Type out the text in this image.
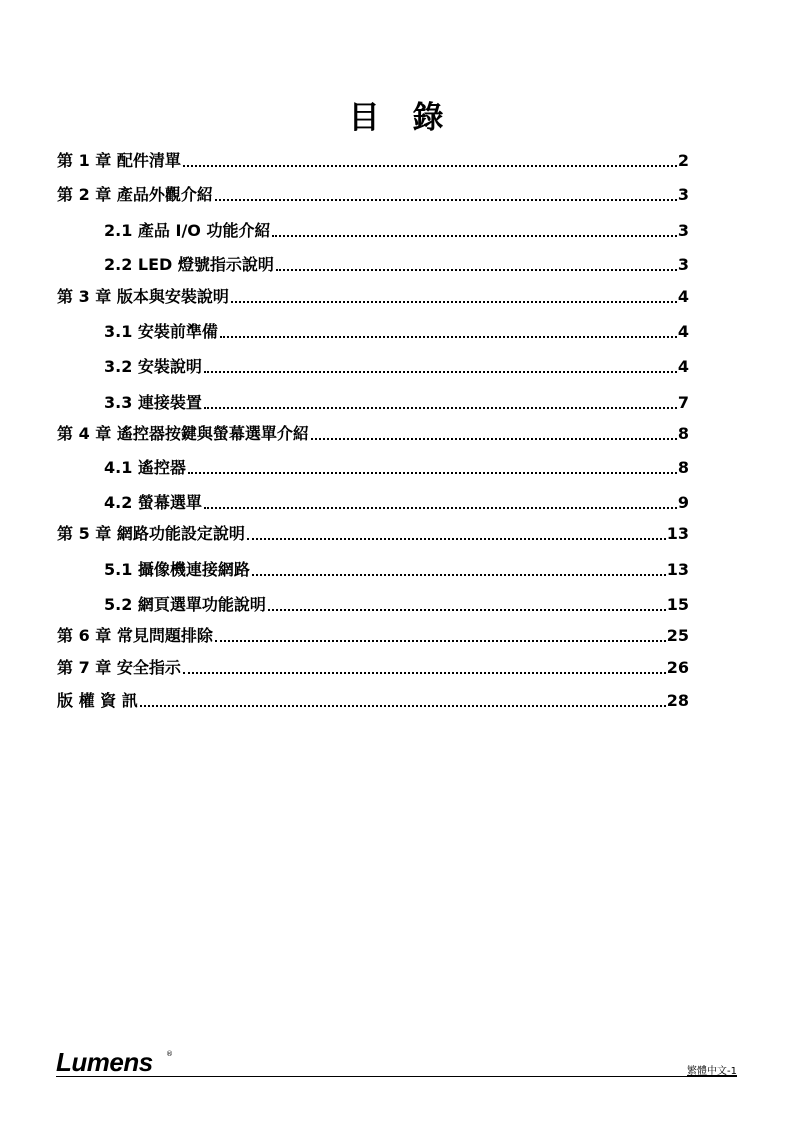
目　錄
第 1 章 配件清單	2
第 2 章 產品外觀介紹	3
2.1 產品 I/O 功能介紹	3
2.2 LED 燈號指示說明	3
第 3 章 版本與安裝說明	4
3.1 安裝前準備	4
3.2 安裝說明	4
3.3 連接裝置	7
第 4 章 遙控器按鍵與螢幕選單介紹	8
4.1 遙控器	8
4.2 螢幕選單	9
第 5 章 網路功能設定說明	13
5.1 攝像機連接網路	13
5.2 網頁選單功能說明	15
第 6 章 常見問題排除	25
第 7 章 安全指示	26
版 權 資 訊	28
Lumens ®
繁體中文-1
